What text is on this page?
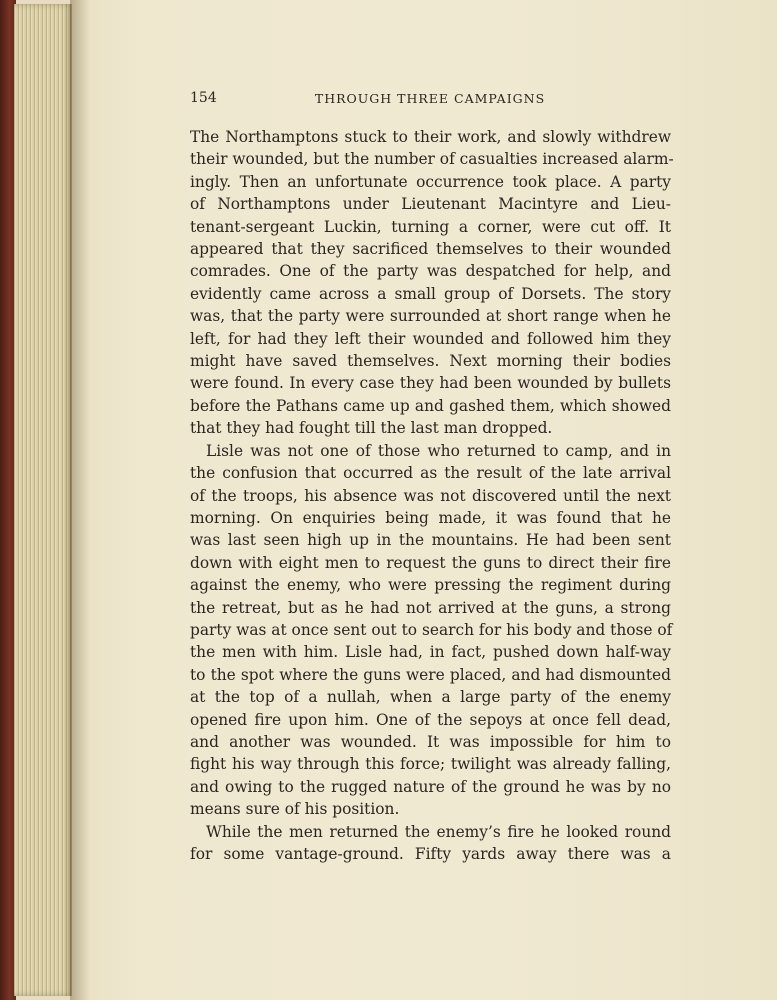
154	THROUGH THREE CAMPAIGNS
The Northamptons stuck to their work, and slowly withdrew
their wounded, but the number of casualties increased alarm-
ingly. Then an unfortunate occurrence took place. A party
of Northamptons under Lieutenant Macintyre and Lieu-
tenant-sergeant Luckin, turning a corner, were cut off. It
appeared that they sacrificed themselves to their wounded
comrades. One of the party was despatched for help, and
evidently came across a small group of Dorsets. The story
was, that the party were surrounded at short range when he
left, for had they left their wounded and followed him they
might have saved themselves. Next morning their bodies
were found. In every case they had been wounded by bullets
before the Pathans came up and gashed them, which showed
that they had fought till the last man dropped.
Lisle was not one of those who returned to camp, and in
the confusion that occurred as the result of the late arrival
of the troops, his absence was not discovered until the next
morning. On enquiries being made, it was found that he
was last seen high up in the mountains. He had been sent
down with eight men to request the guns to direct their fire
against the enemy, who were pressing the regiment during
the retreat, but as he had not arrived at the guns, a strong
party was at once sent out to search for his body and those of
the men with him. Lisle had, in fact, pushed down half-way
to the spot where the guns were placed, and had dismounted
at the top of a nullah, when a large party of the enemy
opened fire upon him. One of the sepoys at once fell dead,
and another was wounded. It was impossible for him to
fight his way through this force; twilight was already falling,
and owing to the rugged nature of the ground he was by no
means sure of his position.
While the men returned the enemy’s fire he looked round
for some vantage-ground. Fifty yards away there was a
